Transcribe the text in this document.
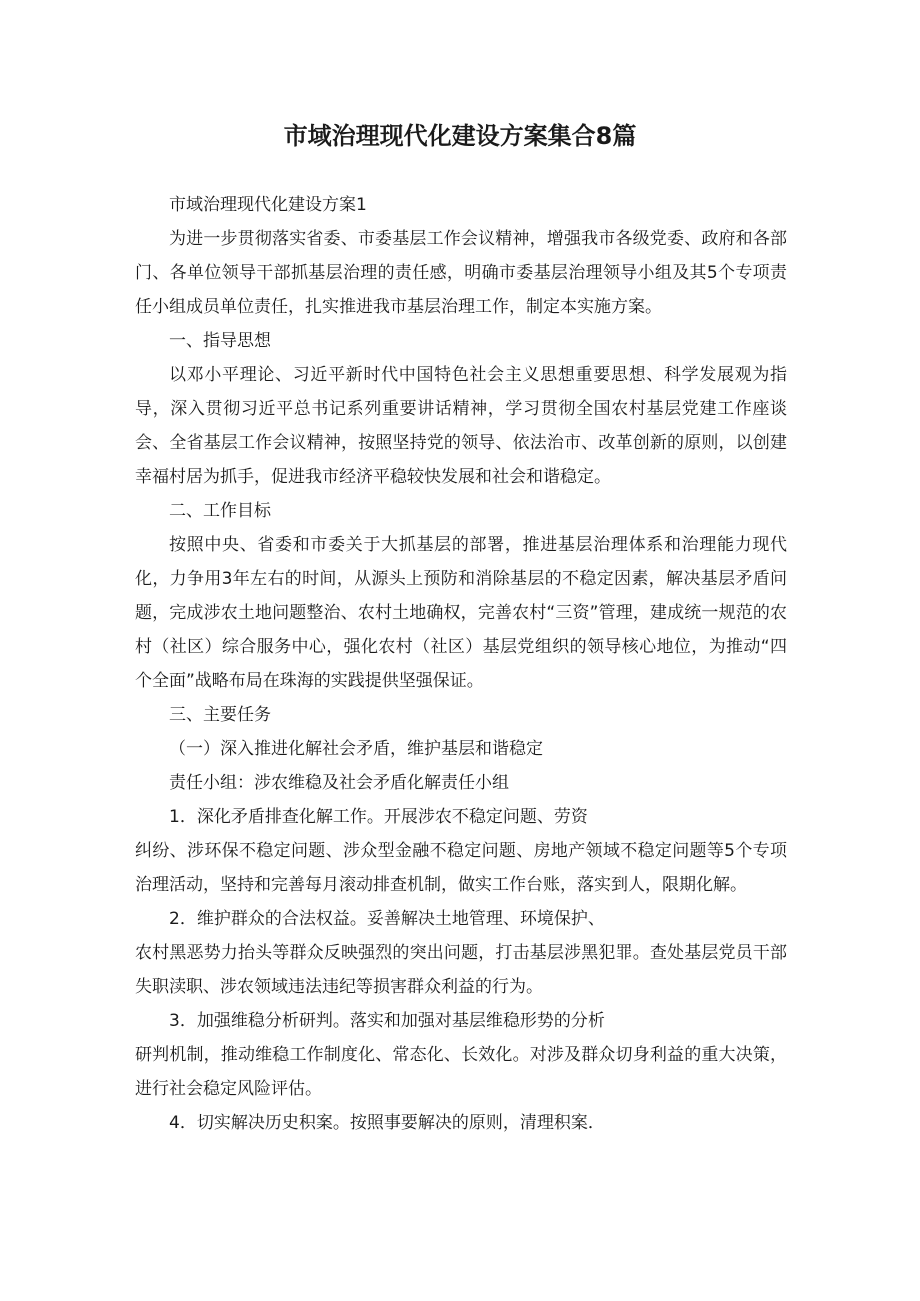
市域治理现代化建设方案集合8篇

市域治理现代化建设方案1

为进一步贯彻落实省委、市委基层工作会议精神，增强我市各级党委、政府和各部门、各单位领导干部抓基层治理的责任感，明确市委基层治理领导小组及其5个专项责任小组成员单位责任，扎实推进我市基层治理工作，制定本实施方案。

一、指导思想

以邓小平理论、习近平新时代中国特色社会主义思想重要思想、科学发展观为指导，深入贯彻习近平总书记系列重要讲话精神，学习贯彻全国农村基层党建工作座谈会、全省基层工作会议精神，按照坚持党的领导、依法治市、改革创新的原则，以创建幸福村居为抓手，促进我市经济平稳较快发展和社会和谐稳定。

二、工作目标

按照中央、省委和市委关于大抓基层的部署，推进基层治理体系和治理能力现代化，力争用3年左右的时间，从源头上预防和消除基层的不稳定因素，解决基层矛盾问题，完成涉农土地问题整治、农村土地确权，完善农村“三资”管理，建成统一规范的农村（社区）综合服务中心，强化农村（社区）基层党组织的领导核心地位，为推动“四个全面”战略布局在珠海的实践提供坚强保证。

三、主要任务

（一）深入推进化解社会矛盾，维护基层和谐稳定

责任小组：涉农维稳及社会矛盾化解责任小组

1．深化矛盾排查化解工作。开展涉农不稳定问题、劳资

纠纷、涉环保不稳定问题、涉众型金融不稳定问题、房地产领域不稳定问题等5个专项治理活动，坚持和完善每月滚动排查机制，做实工作台账，落实到人，限期化解。

2．维护群众的合法权益。妥善解决土地管理、环境保护、

农村黑恶势力抬头等群众反映强烈的突出问题，打击基层涉黑犯罪。查处基层党员干部失职渎职、涉农领域违法违纪等损害群众利益的行为。

3．加强维稳分析研判。落实和加强对基层维稳形势的分析

研判机制，推动维稳工作制度化、常态化、长效化。对涉及群众切身利益的重大决策，进行社会稳定风险评估。

4．切实解决历史积案。按照事要解决的原则，清理积案．
